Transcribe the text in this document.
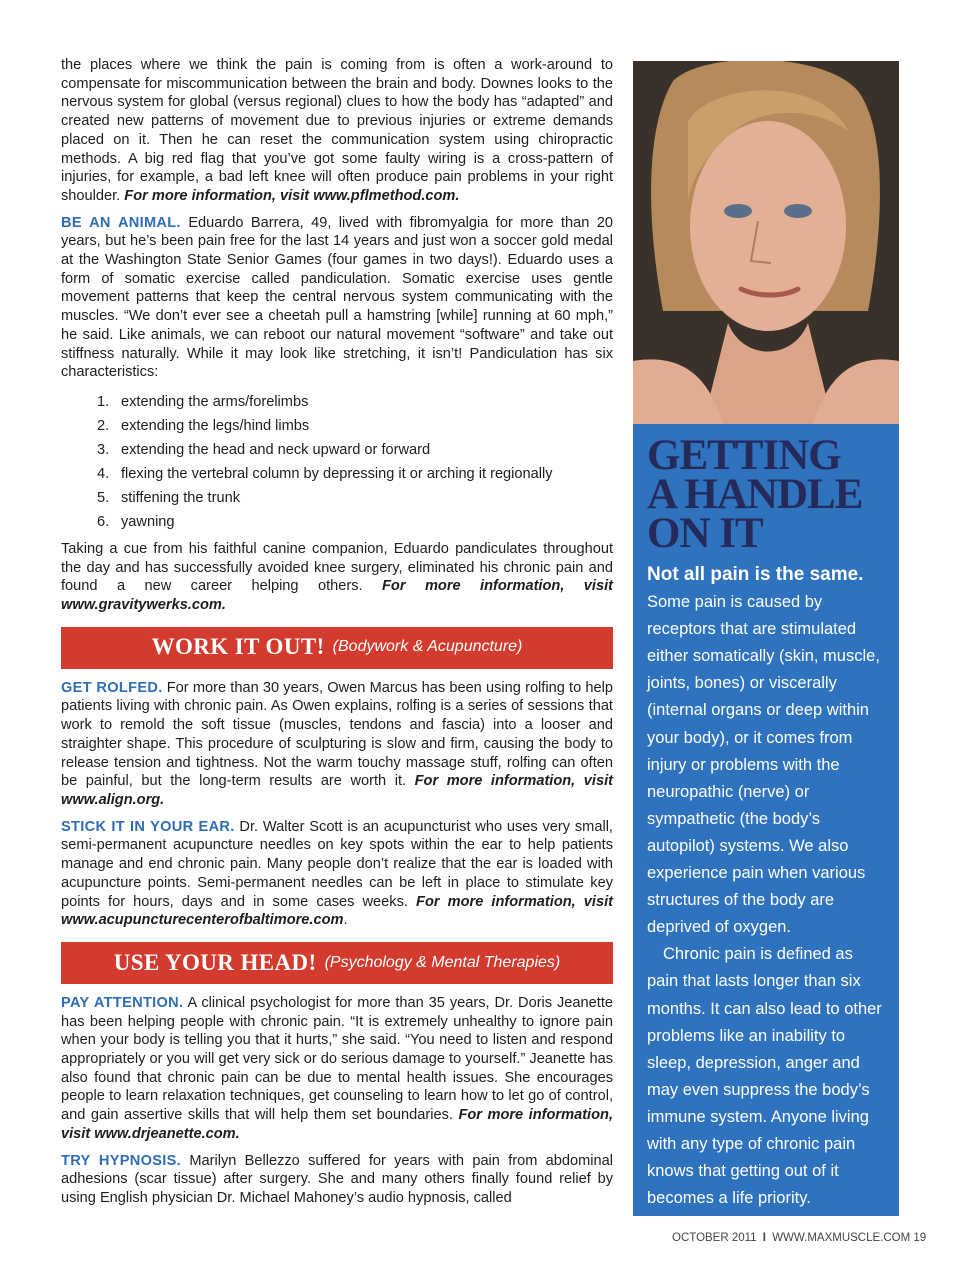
the places where we think the pain is coming from is often a work-around to compensate for miscommunication between the brain and body. Downes looks to the nervous system for global (versus regional) clues to how the body has “adapted” and created new patterns of movement due to previous injuries or extreme demands placed on it. Then he can reset the communication system using chiropractic methods. A big red flag that you’ve got some faulty wiring is a cross-pattern of injuries, for example, a bad left knee will often produce pain problems in your right shoulder. For more information, visit www.pflmethod.com.

BE AN ANIMAL. Eduardo Barrera, 49, lived with fibromyalgia for more than 20 years, but he’s been pain free for the last 14 years and just won a soccer gold medal at the Washington State Senior Games (four games in two days!). Eduardo uses a form of somatic exercise called pandiculation. Somatic exercise uses gentle movement patterns that keep the central nervous system communicating with the muscles. “We don’t ever see a cheetah pull a hamstring [while] running at 60 mph,” he said. Like animals, we can reboot our natural movement “software” and take out stiffness naturally. While it may look like stretching, it isn’t! Pandiculation has six characteristics:

1. extending the arms/forelimbs
2. extending the legs/hind limbs
3. extending the head and neck upward or forward
4. flexing the vertebral column by depressing it or arching it regionally
5. stiffening the trunk
6. yawning

Taking a cue from his faithful canine companion, Eduardo pandiculates throughout the day and has successfully avoided knee surgery, eliminated his chronic pain and found a new career helping others. For more information, visit www.gravitywerks.com.

WORK IT OUT! (Bodywork & Acupuncture)

GET ROLFED. For more than 30 years, Owen Marcus has been using rolfing to help patients living with chronic pain. As Owen explains, rolfing is a series of sessions that work to remold the soft tissue (muscles, tendons and fascia) into a looser and straighter shape. This procedure of sculpturing is slow and firm, causing the body to release tension and tightness. Not the warm touchy massage stuff, rolfing can often be painful, but the long-term results are worth it. For more information, visit www.align.org.

STICK IT IN YOUR EAR. Dr. Walter Scott is an acupuncturist who uses very small, semi-permanent acupuncture needles on key spots within the ear to help patients manage and end chronic pain. Many people don’t realize that the ear is loaded with acupuncture points. Semi-permanent needles can be left in place to stimulate key points for hours, days and in some cases weeks. For more information, visit www.acupuncturecenterofbaltimore.com.

USE YOUR HEAD! (Psychology & Mental Therapies)

PAY ATTENTION. A clinical psychologist for more than 35 years, Dr. Doris Jeanette has been helping people with chronic pain. “It is extremely unhealthy to ignore pain when your body is telling you that it hurts,” she said. “You need to listen and respond appropriately or you will get very sick or do serious damage to yourself.” Jeanette has also found that chronic pain can be due to mental health issues. She encourages people to learn relaxation techniques, get counseling to learn how to let go of control, and gain assertive skills that will help them set boundaries. For more information, visit www.drjeanette.com.

TRY HYPNOSIS. Marilyn Bellezzo suffered for years with pain from abdominal adhesions (scar tissue) after surgery. She and many others finally found relief by using English physician Dr. Michael Mahoney’s audio hypnosis, called

GETTING
A HANDLE
ON IT

Not all pain is the same. Some pain is caused by receptors that are stimulated either somatically (skin, muscle, joints, bones) or viscerally (internal organs or deep within your body), or it comes from injury or problems with the neuropathic (nerve) or sympathetic (the body’s autopilot) systems. We also experience pain when various structures of the body are deprived of oxygen.

Chronic pain is defined as pain that lasts longer than six months. It can also lead to other problems like an inability to sleep, depression, anger and may even suppress the body’s immune system. Anyone living with any type of chronic pain knows that getting out of it becomes a life priority.

OCTOBER 2011 I WWW.MAXMUSCLE.COM 19
